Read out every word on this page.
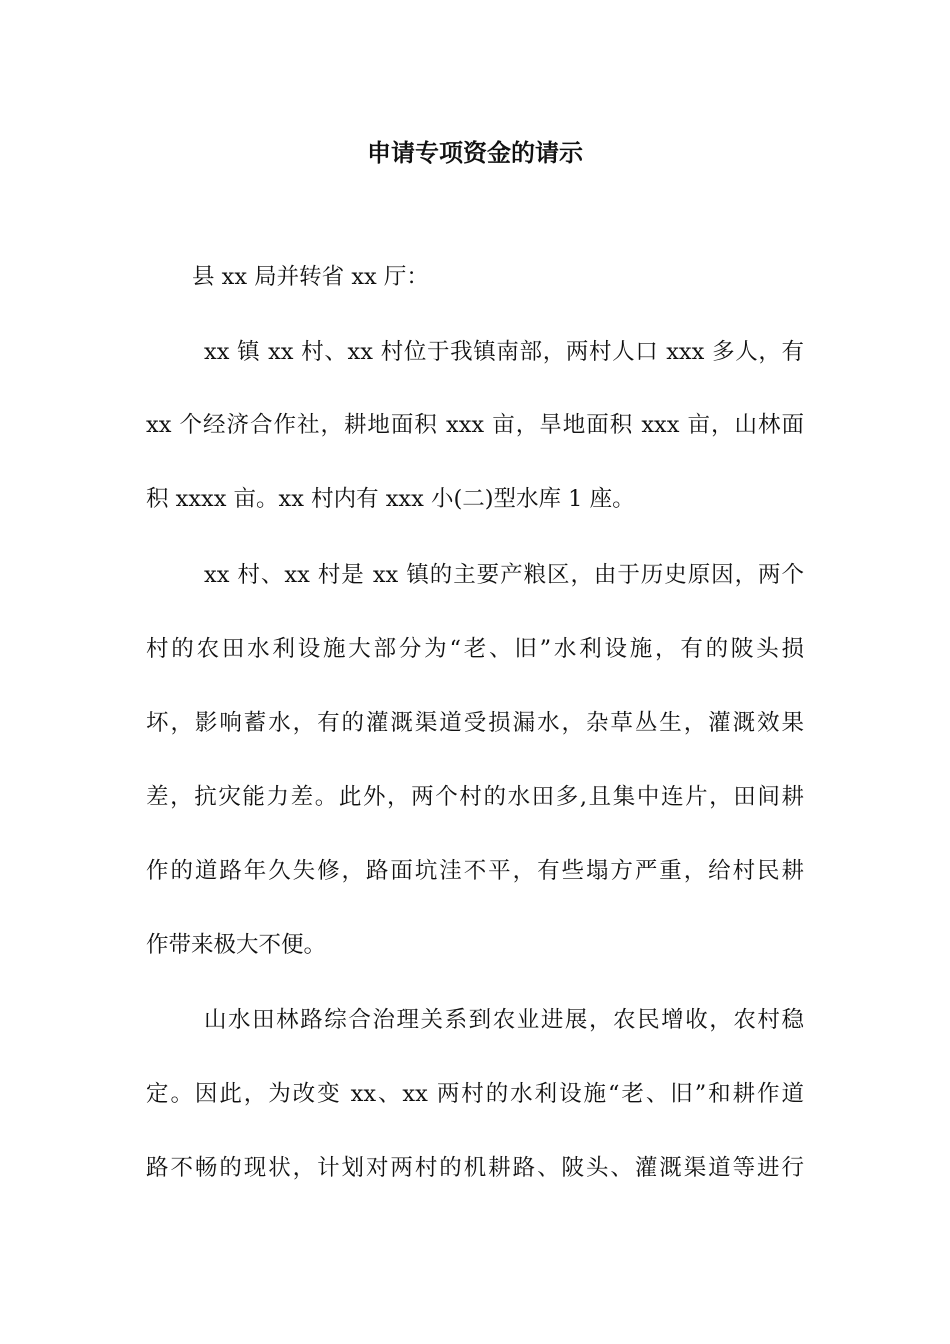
申请专项资金的请示
县 xx 局并转省 xx 厅：
xx 镇 xx 村、xx 村位于我镇南部，两村人口 xxx 多人，有
xx 个经济合作社，耕地面积 xxx 亩，旱地面积 xxx 亩，山林面
积 xxxx 亩。xx 村内有 xxx 小(二)型水库 1 座。
xx 村、xx 村是 xx 镇的主要产粮区，由于历史原因，两个
村的农田水利设施大部分为“老、旧”水利设施，有的陂头损
坏，影响蓄水，有的灌溉渠道受损漏水，杂草丛生，灌溉效果
差，抗灾能力差。此外，两个村的水田多,且集中连片，田间耕
作的道路年久失修，路面坑洼不平，有些塌方严重，给村民耕
作带来极大不便。
山水田林路综合治理关系到农业进展，农民增收，农村稳
定。因此，为改变 xx、xx 两村的水利设施“老、旧”和耕作道
路不畅的现状，计划对两村的机耕路、陂头、灌溉渠道等进行
